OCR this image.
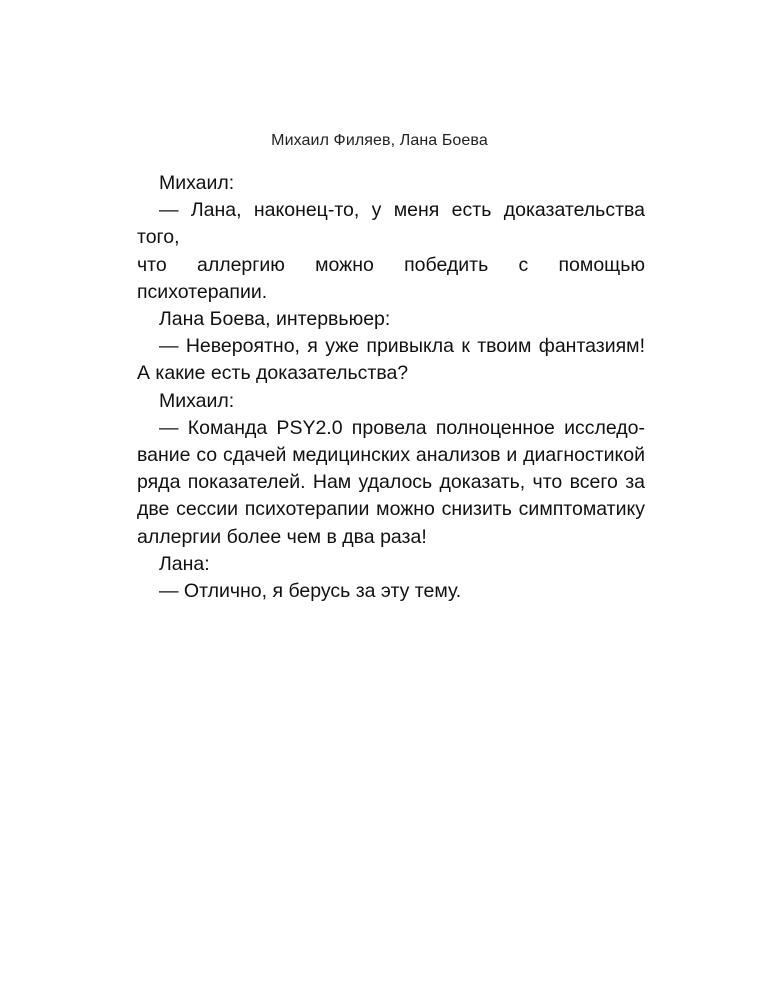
Михаил Филяев, Лана Боева

Михаил:

— Лана, наконец-то, у меня есть доказательства того,
что аллергию можно победить с помощью психотерапии.

Лана Боева, интервьюер:

— Невероятно, я уже привыкла к твоим фантазиям!
А какие есть доказательства?

Михаил:

— Команда PSY2.0 провела полноценное исследо-
вание со сдачей медицинских анализов и диагностикой
ряда показателей. Нам удалось доказать, что всего за
две сессии психотерапии можно снизить симптоматику
аллергии более чем в два раза!

Лана:

— Отлично, я берусь за эту тему.
